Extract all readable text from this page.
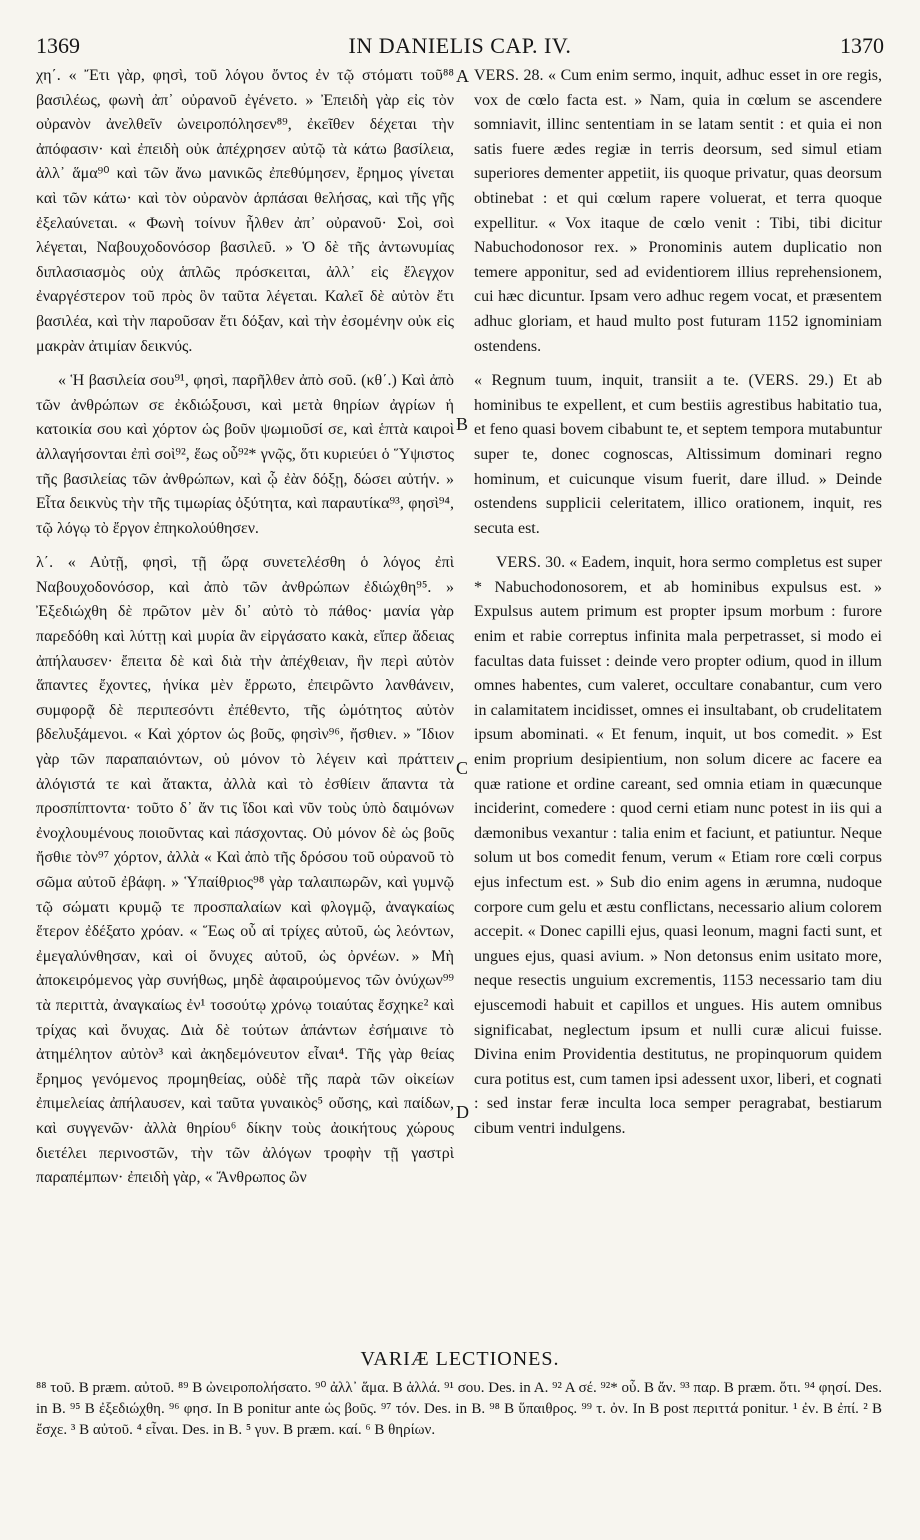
1369	IN DANIELIS CAP. IV.	1370

χη΄. « Ἔτι γὰρ, φησὶ, τοῦ λόγου ὄντος ἐν τῷ στόματι τοῦ⁸⁸ βασιλέως, φωνὴ ἀπ᾽ οὐρανοῦ ἐγένετο. » Ἐπειδὴ γὰρ εἰς τὸν οὐρανὸν ἀνελθεῖν ὠνειροπόλησεν⁸⁹, ἐκεῖθεν δέχεται τὴν ἀπόφασιν· καὶ ἐπειδὴ οὐκ ἀπέχρησεν αὐτῷ τὰ κάτω βασίλεια, ἀλλ᾽ ἅμα⁹⁰ καὶ τῶν ἄνω μανικῶς ἐπεθύμησεν, ἔρημος γίνεται καὶ τῶν κάτω· καὶ τὸν οὐρανὸν ἁρπάσαι θελήσας, καὶ τῆς γῆς ἐξελαύνεται. « Φωνὴ τοίνυν ἦλθεν ἀπ᾽ οὐρανοῦ· Σοὶ, σοὶ λέγεται, Ναβουχοδονόσορ βασιλεῦ. » Ὁ δὲ τῆς ἀντωνυμίας διπλασιασμὸς οὐχ ἁπλῶς πρόσκειται, ἀλλ᾽ εἰς ἔλεγχον ἐναργέστερον τοῦ πρὸς ὃν ταῦτα λέγεται. Καλεῖ δὲ αὐτὸν ἔτι βασιλέα, καὶ τὴν παροῦσαν ἔτι δόξαν, καὶ τὴν ἐσομένην οὐκ εἰς μακρὰν ἀτιμίαν δεικνύς.

« Ἡ βασιλεία σου⁹¹, φησὶ, παρῆλθεν ἀπὸ σοῦ. (κθ΄.) Καὶ ἀπὸ τῶν ἀνθρώπων σε ἐκδιώξουσι, καὶ μετὰ θηρίων ἀγρίων ἡ κατοικία σου καὶ χόρτον ὡς βοῦν ψωμιοῦσί σε, καὶ ἑπτὰ καιροὶ ἀλλαγήσονται ἐπὶ σοὶ⁹², ἕως οὗ⁹²* γνῷς, ὅτι κυριεύει ὁ Ὕψιστος τῆς βασιλείας τῶν ἀνθρώπων, καὶ ᾧ ἐὰν δόξῃ, δώσει αὐτήν. » Εἶτα δεικνὺς τὴν τῆς τιμωρίας ὀξύτητα, καὶ παραυτίκα⁹³, φησὶ⁹⁴, τῷ λόγῳ τὸ ἔργον ἐπηκολούθησεν.

λ΄. « Αὐτῇ, φησὶ, τῇ ὥρᾳ συνετελέσθη ὁ λόγος ἐπὶ Ναβουχοδονόσορ, καὶ ἀπὸ τῶν ἀνθρώπων ἐδιώχθη⁹⁵. » Ἐξεδιώχθη δὲ πρῶτον μὲν δι᾽ αὐτὸ τὸ πάθος· μανία γὰρ παρεδόθη καὶ λύττῃ καὶ μυρία ἂν εἰργάσατο κακὰ, εἴπερ ἄδειας ἀπήλαυσεν· ἔπειτα δὲ καὶ διὰ τὴν ἀπέχθειαν, ἣν περὶ αὐτὸν ἅπαντες ἔχοντες, ἡνίκα μὲν ἔρρωτο, ἐπειρῶντο λανθάνειν, συμφορᾷ δὲ περιπεσόντι ἐπέθεντο, τῆς ὠμότητος αὐτὸν βδελυξάμενοι. « Καὶ χόρτον ὡς βοῦς, φησὶν⁹⁶, ἤσθιεν. » Ἴδιον γὰρ τῶν παραπαιόντων, οὐ μόνον τὸ λέγειν καὶ πράττειν ἀλόγιστά τε καὶ ἄτακτα, ἀλλὰ καὶ τὸ ἐσθίειν ἅπαντα τὰ προσπίπτοντα· τοῦτο δ᾽ ἄν τις ἴδοι καὶ νῦν τοὺς ὑπὸ δαιμόνων ἐνοχλουμένους ποιοῦντας καὶ πάσχοντας. Οὐ μόνον δὲ ὡς βοῦς ἤσθιε τὸν⁹⁷ χόρτον, ἀλλὰ « Καὶ ἀπὸ τῆς δρόσου τοῦ οὐρανοῦ τὸ σῶμα αὐτοῦ ἐβάφη. » Ὑπαίθριος⁹⁸ γὰρ ταλαιπωρῶν, καὶ γυμνῷ τῷ σώματι κρυμῷ τε προσπαλαίων καὶ φλογμῷ, ἀναγκαίως ἕτερον ἐδέξατο χρόαν. « Ἕως οὗ αἱ τρίχες αὐτοῦ, ὡς λεόντων, ἐμεγαλύνθησαν, καὶ οἱ ὄνυχες αὐτοῦ, ὡς ὀρνέων. » Μὴ ἀποκειρόμενος γὰρ συνήθως, μηδὲ ἀφαιρούμενος τῶν ὀνύχων⁹⁹ τὰ περιττὰ, ἀναγκαίως ἐν¹ τοσούτῳ χρόνῳ τοιαύτας ἔσχηκε² καὶ τρίχας καὶ ὄνυχας. Διὰ δὲ τούτων ἁπάντων ἐσήμαινε τὸ ἀτημέλητον αὐτὸν³ καὶ ἀκηδεμόνευτον εἶναι⁴. Τῆς γὰρ θείας ἔρημος γενόμενος προμηθείας, οὐδὲ τῆς παρὰ τῶν οἰκείων ἐπιμελείας ἀπήλαυσεν, καὶ ταῦτα γυναικὸς⁵ οὔσης, καὶ παίδων, καὶ συγγενῶν· ἀλλὰ θηρίου⁶ δίκην τοὺς ἀοικήτους χώρους διετέλει περινοστῶν, τὴν τῶν ἀλόγων τροφὴν τῇ γαστρὶ παραπέμπων· ἐπειδὴ γὰρ, « Ἄνθρωπος ὢν

A
B
C
D

VERS. 28. « Cum enim sermo, inquit, adhuc esset in ore regis, vox de cœlo facta est. » Nam, quia in cœlum se ascendere somniavit, illinc sententiam in se latam sentit : et quia ei non satis fuere ædes regiæ in terris deorsum, sed simul etiam superiores dementer appetiit, iis quoque privatur, quas deorsum obtinebat : et qui cœlum rapere voluerat, et terra quoque expellitur. « Vox itaque de cœlo venit : Tibi, tibi dicitur Nabuchodonosor rex. » Pronominis autem duplicatio non temere apponitur, sed ad evidentiorem illius reprehensionem, cui hæc dicuntur. Ipsam vero adhuc regem vocat, et præsentem adhuc gloriam, et haud multo post futuram 1152 ignominiam ostendens.

« Regnum tuum, inquit, transiit a te. (VERS. 29.) Et ab hominibus te expellent, et cum bestiis agrestibus habitatio tua, et feno quasi bovem cibabunt te, et septem tempora mutabuntur super te, donec cognoscas, Altissimum dominari regno hominum, et cuicunque visum fuerit, dare illud. » Deinde ostendens supplicii celeritatem, illico orationem, inquit, res secuta est.

VERS. 30. « Eadem, inquit, hora sermo completus est super * Nabuchodonosorem, et ab hominibus expulsus est. » Expulsus autem primum est propter ipsum morbum : furore enim et rabie correptus infinita mala perpetrasset, si modo ei facultas data fuisset : deinde vero propter odium, quod in illum omnes habentes, cum valeret, occultare conabantur, cum vero in calamitatem incidisset, omnes ei insultabant, ob crudelitatem ipsum abominati. « Et fenum, inquit, ut bos comedit. » Est enim proprium desipientium, non solum dicere ac facere ea quæ ratione et ordine careant, sed omnia etiam in quæcunque inciderint, comedere : quod cerni etiam nunc potest in iis qui a dæmonibus vexantur : talia enim et faciunt, et patiuntur. Neque solum ut bos comedit fenum, verum « Etiam rore cœli corpus ejus infectum est. » Sub dio enim agens in ærumna, nudoque corpore cum gelu et æstu conflictans, necessario alium colorem accepit. « Donec capilli ejus, quasi leonum, magni facti sunt, et ungues ejus, quasi avium. » Non detonsus enim usitato more, neque resectis unguium excrementis, 1153 necessario tam diu ejuscemodi habuit et capillos et ungues. His autem omnibus significabat, neglectum ipsum et nulli curæ alicui fuisse. Divina enim Providentia destitutus, ne propinquorum quidem cura potitus est, cum tamen ipsi adessent uxor, liberi, et cognati : sed instar feræ inculta loca semper peragrabat, bestiarum cibum ventri indulgens.

VARIÆ LECTIONES.

⁸⁸ τοῦ. B præm. αὐτοῦ. ⁸⁹ B ὠνειροπολήσατο. ⁹⁰ ἀλλ᾽ ἅμα. B ἀλλά. ⁹¹ σου. Des. in A. ⁹² A σέ. ⁹²* οὗ. B ἄν. ⁹³ παρ. B præm. ὅτι. ⁹⁴ φησί. Des. in B. ⁹⁵ B ἐξεδιώχθη. ⁹⁶ φησ. In B ponitur ante ὡς βοῦς. ⁹⁷ τόν. Des. in B. ⁹⁸ B ὕπαιθρος. ⁹⁹ τ. ὀν. In B post περιττά ponitur. ¹ ἐν. B ἐπί. ² B ἔσχε. ³ B αὐτοῦ. ⁴ εἶναι. Des. in B. ⁵ γυν. B præm. καί. ⁶ B θηρίων.
